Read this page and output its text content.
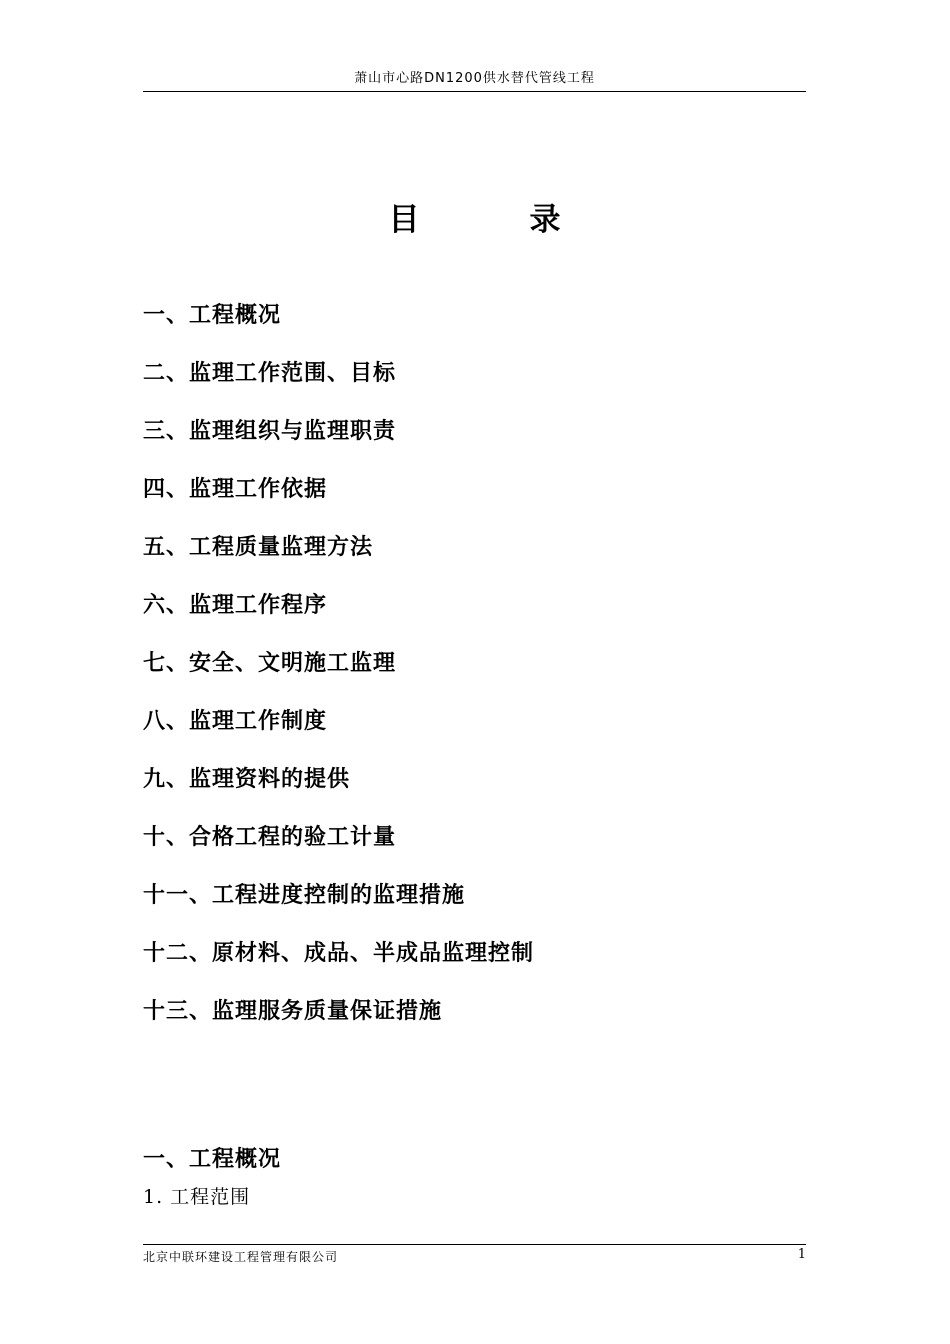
萧山市心路DN1200供水替代管线工程
目	录
一、工程概况
二、监理工作范围、目标
三、监理组织与监理职责
四、监理工作依据
五、工程质量监理方法
六、监理工作程序
七、安全、文明施工监理
八、监理工作制度
九、监理资料的提供
十、合格工程的验工计量
十一、工程进度控制的监理措施
十二、原材料、成品、半成品监理控制
十三、监理服务质量保证措施
一、工程概况
1. 工程范围
北京中联环建设工程管理有限公司	1
